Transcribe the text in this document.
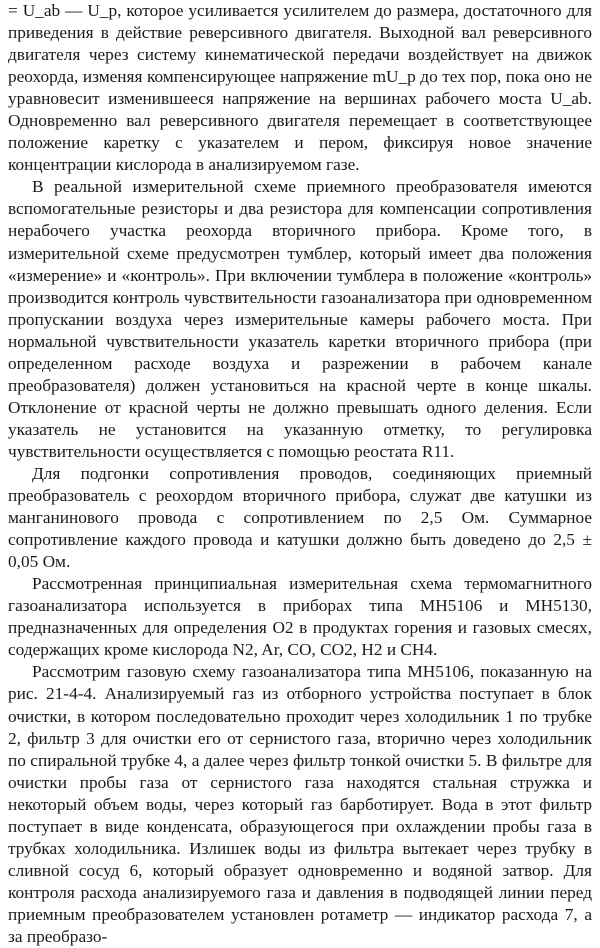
= U_ab — U_p, которое усиливается усилителем до размера, достаточного для приведения в действие реверсивного двигателя. Выходной вал реверсивного двигателя через систему кинематической передачи воздействует на движок реохорда, изменяя компенсирующее напряжение mU_p до тех пор, пока оно не уравновесит изменившееся напряжение на вершинах рабочего моста U_ab. Одновременно вал реверсивного двигателя перемещает в соответствующее положение каретку с указателем и пером, фиксируя новое значение концентрации кислорода в анализируемом газе.

В реальной измерительной схеме приемного преобразователя имеются вспомогательные резисторы и два резистора для компенсации сопротивления нерабочего участка реохорда вторичного прибора. Кроме того, в измерительной схеме предусмотрен тумблер, который имеет два положения «измерение» и «контроль». При включении тумблера в положение «контроль» производится контроль чувствительности газоанализатора при одновременном пропускании воздуха через измерительные камеры рабочего моста. При нормальной чувствительности указатель каретки вторичного прибора (при определенном расходе воздуха и разрежении в рабочем канале преобразователя) должен установиться на красной черте в конце шкалы. Отклонение от красной черты не должно превышать одного деления. Если указатель не установится на указанную отметку, то регулировка чувствительности осуществляется с помощью реостата R11.

Для подгонки сопротивления проводов, соединяющих приемный преобразователь с реохордом вторичного прибора, служат две катушки из манганинового провода с сопротивлением по 2,5 Ом. Суммарное сопротивление каждого провода и катушки должно быть доведено до 2,5 ± 0,05 Ом.

Рассмотренная принципиальная измерительная схема термомагнитного газоанализатора используется в приборах типа МН5106 и МН5130, предназначенных для определения O2 в продуктах горения и газовых смесях, содержащих кроме кислорода N2, Ar, CO, CO2, H2 и CH4.

Рассмотрим газовую схему газоанализатора типа МН5106, показанную на рис. 21-4-4. Анализируемый газ из отборного устройства поступает в блок очистки, в котором последовательно проходит через холодильник 1 по трубке 2, фильтр 3 для очистки его от сернистого газа, вторично через холодильник по спиральной трубке 4, а далее через фильтр тонкой очистки 5. В фильтре для очистки пробы газа от сернистого газа находятся стальная стружка и некоторый объем воды, через который газ барботирует. Вода в этот фильтр поступает в виде конденсата, образующегося при охлаждении пробы газа в трубках холодильника. Излишек воды из фильтра вытекает через трубку в сливной сосуд 6, который образует одновременно и водяной затвор. Для контроля расхода анализируемого газа и давления в подводящей линии перед приемным преобразователем установлен ротаметр — индикатор расхода 7, а за преобразо-
